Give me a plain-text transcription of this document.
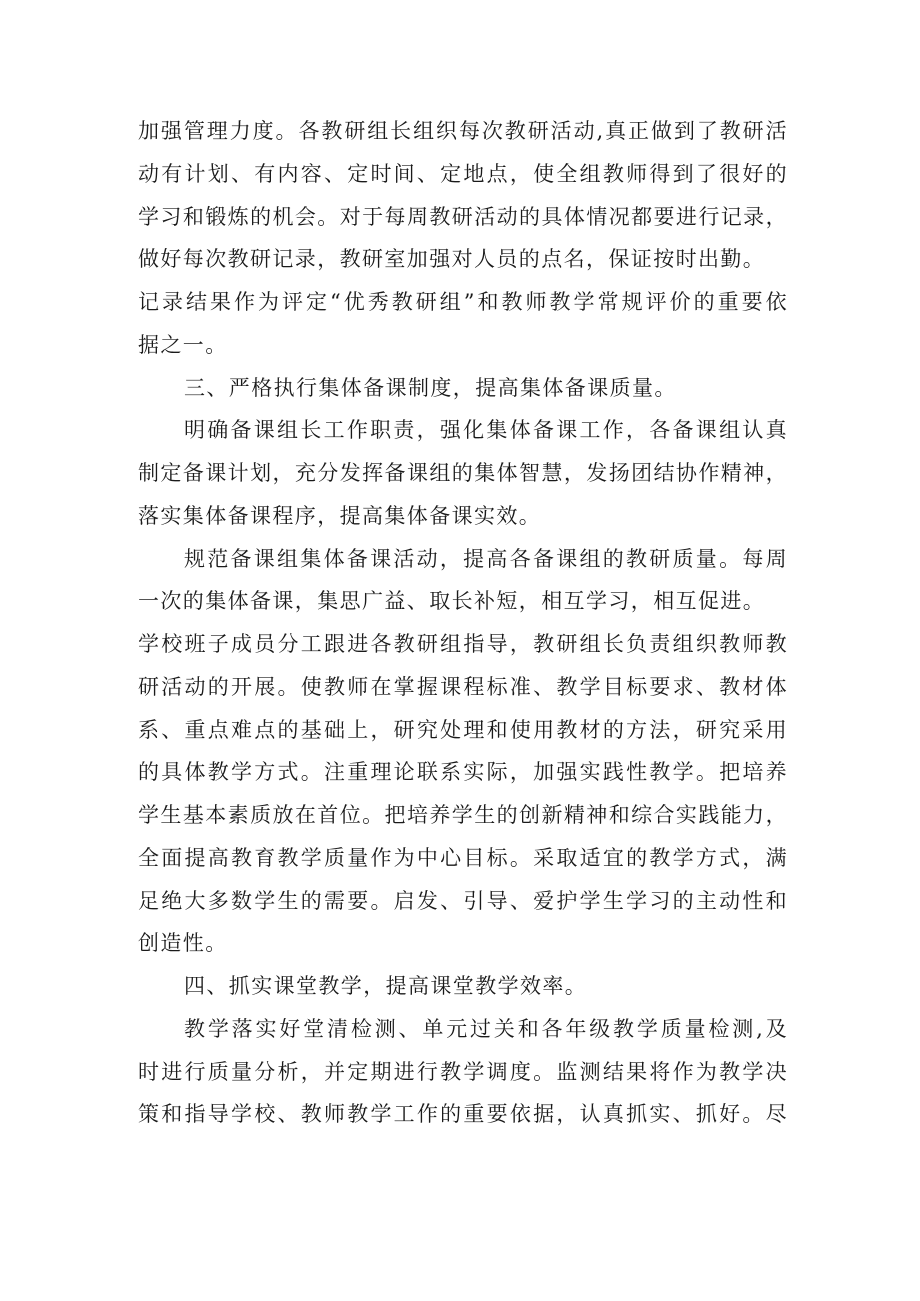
加强管理力度。各教研组长组织每次教研活动,真正做到了教研活
动有计划、有内容、定时间、定地点，使全组教师得到了很好的
学习和锻炼的机会。对于每周教研活动的具体情况都要进行记录，
做好每次教研记录，教研室加强对人员的点名，保证按时出勤。
记录结果作为评定“优秀教研组”和教师教学常规评价的重要依
据之一。
三、严格执行集体备课制度，提高集体备课质量。
明确备课组长工作职责，强化集体备课工作，各备课组认真
制定备课计划，充分发挥备课组的集体智慧，发扬团结协作精神，
落实集体备课程序，提高集体备课实效。
规范备课组集体备课活动，提高各备课组的教研质量。每周
一次的集体备课，集思广益、取长补短，相互学习，相互促进。
学校班子成员分工跟进各教研组指导，教研组长负责组织教师教
研活动的开展。使教师在掌握课程标准、教学目标要求、教材体
系、重点难点的基础上，研究处理和使用教材的方法，研究采用
的具体教学方式。注重理论联系实际，加强实践性教学。把培养
学生基本素质放在首位。把培养学生的创新精神和综合实践能力，
全面提高教育教学质量作为中心目标。采取适宜的教学方式，满
足绝大多数学生的需要。启发、引导、爱护学生学习的主动性和
创造性。
四、抓实课堂教学，提高课堂教学效率。
教学落实好堂清检测、单元过关和各年级教学质量检测,及
时进行质量分析，并定期进行教学调度。监测结果将作为教学决
策和指导学校、教师教学工作的重要依据，认真抓实、抓好。尽
